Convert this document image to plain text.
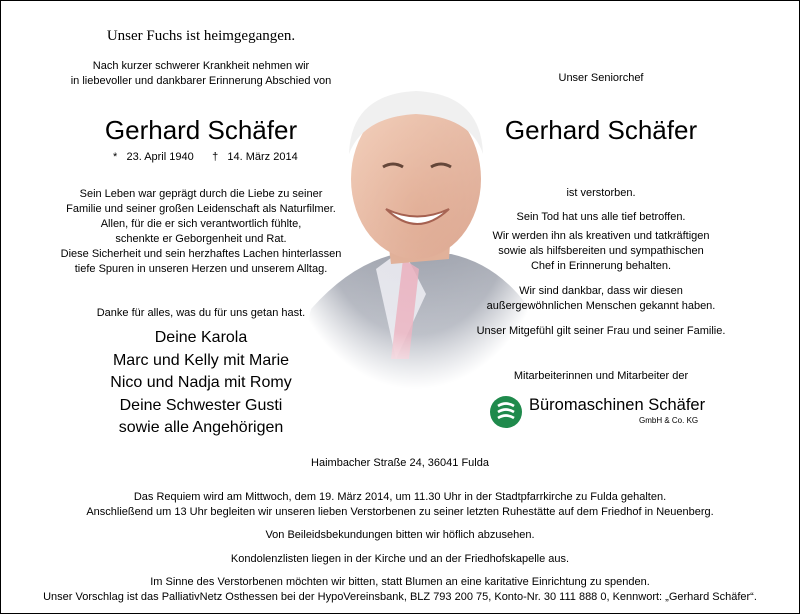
Unser Fuchs ist heimgegangen.
Nach kurzer schwerer Krankheit nehmen wir
in liebevoller und dankbarer Erinnerung Abschied von
Gerhard Schäfer
* 23. April 1940 † 14. März 2014
Sein Leben war geprägt durch die Liebe zu seiner
Familie und seiner großen Leidenschaft als Naturfilmer.
Allen, für die er sich verantwortlich fühlte,
schenkte er Geborgenheit und Rat.
Diese Sicherheit und sein herzhaftes Lachen hinterlassen
tiefe Spuren in unseren Herzen und unserem Alltag.
Danke für alles, was du für uns getan hast.
Deine Karola
Marc und Kelly mit Marie
Nico und Nadja mit Romy
Deine Schwester Gusti
sowie alle Angehörigen
Unser Seniorchef
Gerhard Schäfer
ist verstorben.
Sein Tod hat uns alle tief betroffen.
Wir werden ihn als kreativen und tatkräftigen
sowie als hilfsbereiten und sympathischen
Chef in Erinnerung behalten.
Wir sind dankbar, dass wir diesen
außergewöhnlichen Menschen gekannt haben.
Unser Mitgefühl gilt seiner Frau und seiner Familie.
Mitarbeiterinnen und Mitarbeiter der
Büromaschinen Schäfer
GmbH & Co. KG
Haimbacher Straße 24, 36041 Fulda
Das Requiem wird am Mittwoch, dem 19. März 2014, um 11.30 Uhr in der Stadtpfarrkirche zu Fulda gehalten.
Anschließend um 13 Uhr begleiten wir unseren lieben Verstorbenen zu seiner letzten Ruhestätte auf dem Friedhof in Neuenberg.
Von Beileidsbekundungen bitten wir höflich abzusehen.
Kondolenzlisten liegen in der Kirche und an der Friedhofskapelle aus.
Im Sinne des Verstorbenen möchten wir bitten, statt Blumen an eine karitative Einrichtung zu spenden.
Unser Vorschlag ist das PalliativNetz Osthessen bei der HypoVereinsbank, BLZ 793 200 75, Konto-Nr. 30 111 888 0, Kennwort: „Gerhard Schäfer“.
